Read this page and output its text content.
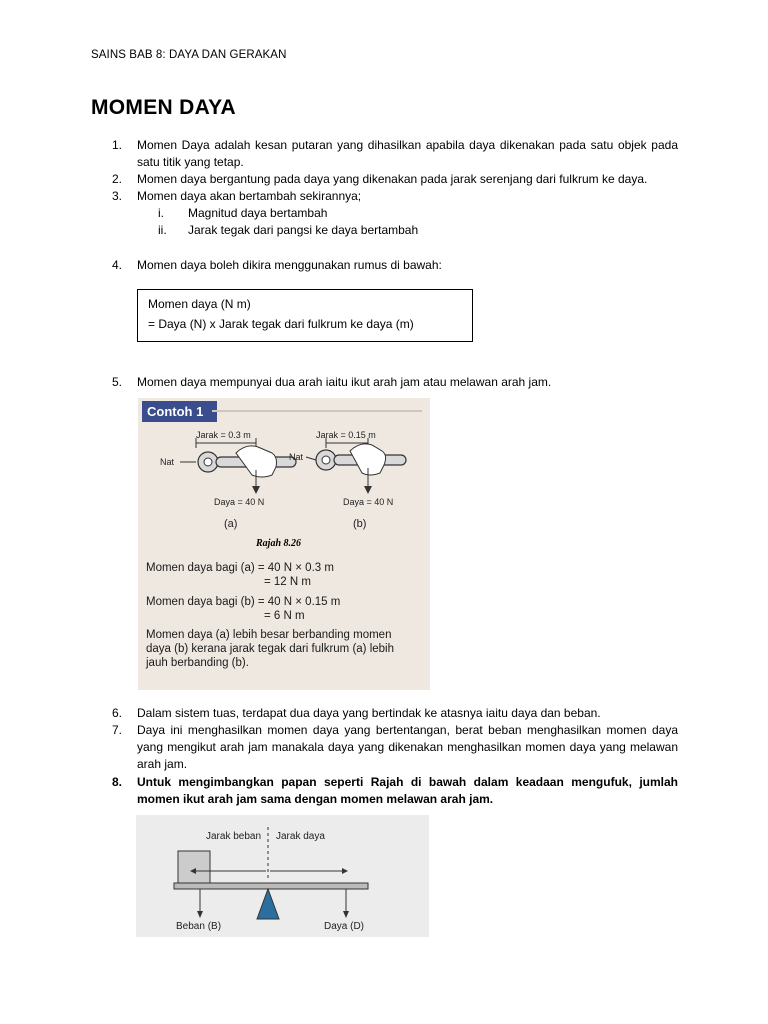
SAINS BAB 8: DAYA DAN GERAKAN
MOMEN DAYA
1. Momen Daya adalah kesan putaran yang dihasilkan apabila daya dikenakan pada satu objek pada satu titik yang tetap.
2. Momen daya bergantung pada daya yang dikenakan pada jarak serenjang dari fulkrum ke daya.
3. Momen daya akan bertambah sekirannya;
i. Magnitud daya bertambah
ii. Jarak tegak dari pangsi ke daya bertambah
4. Momen daya boleh dikira menggunakan rumus di bawah:
Momen daya (N m)
= Daya (N) x Jarak tegak dari fulkrum ke daya (m)
5. Momen daya mempunyai dua arah iaitu ikut arah jam atau melawan arah jam.
Contoh 1
Jarak = 0.3 m	Jarak = 0.15 m
Nat	Nat
Daya = 40 N	Daya = 40 N
(a)	(b)
Rajah 8.26
Momen daya bagi (a) = 40 N × 0.3 m
= 12 N m
Momen daya bagi (b) = 40 N × 0.15 m
= 6 N m
Momen daya (a) lebih besar berbanding momen daya (b) kerana jarak tegak dari fulkrum (a) lebih jauh berbanding (b).
6. Dalam sistem tuas, terdapat dua daya yang bertindak ke atasnya iaitu daya dan beban.
7. Daya ini menghasilkan momen daya yang bertentangan, berat beban menghasilkan momen daya yang mengikut arah jam manakala daya yang dikenakan menghasilkan momen daya yang melawan arah jam.
8. Untuk mengimbangkan papan seperti Rajah di bawah dalam keadaan mengufuk, jumlah momen ikut arah jam sama dengan momen melawan arah jam.
Jarak beban Jarak daya
Beban (B)	Daya (D)
